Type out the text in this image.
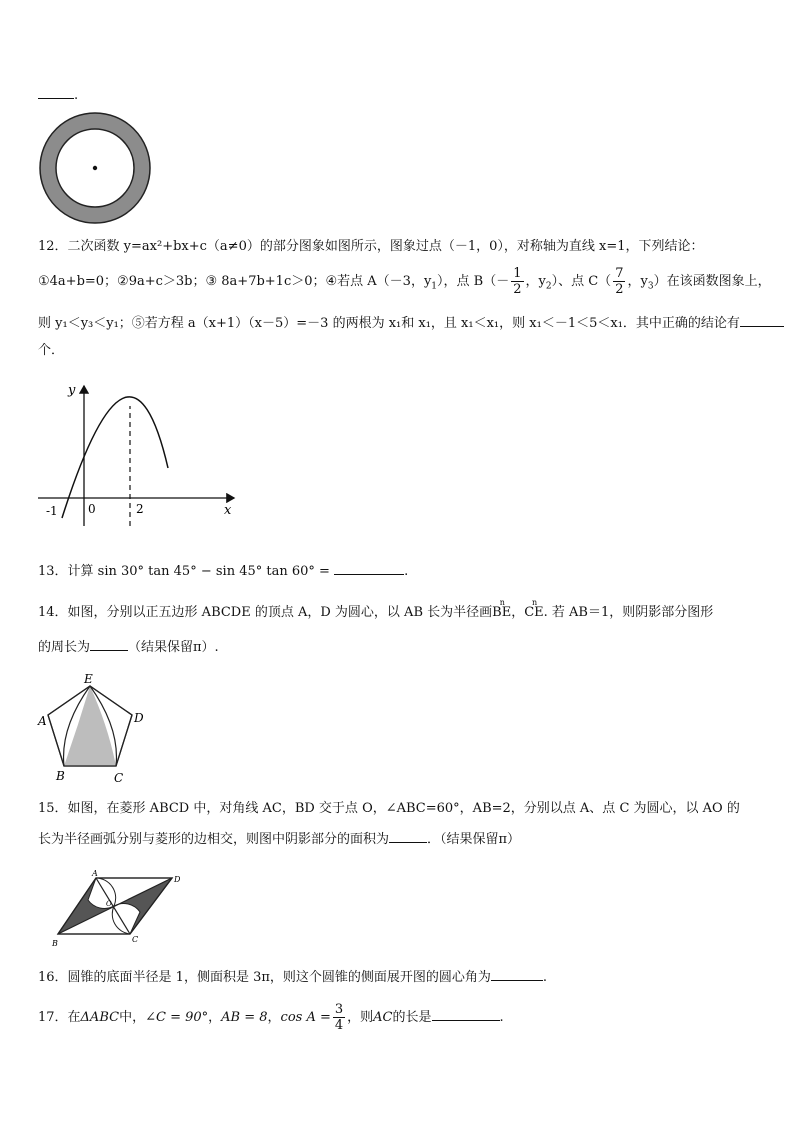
.
12．二次函数 y=ax²+bx+c（a≠0）的部分图象如图所示，图象过点（－1，0），对称轴为直线 x=1，下列结论：
①4a+b=0；②9a+c＞3b；③ 8a+7b+1c＞0；④若点 A（－3，$y_1$），点 $B(- \frac{1}{2}$ ，$y_2$）、点 $C( \frac{7}{2}$ ，$y_3$）在该函数图象上，
则 y₁＜y₃＜y₁；⑤若方程 a（x+1）（x－5）=－3 的两根为 x₁和 x₁，且 x₁＜x₁，则 x₁＜－1＜5＜x₁．其中正确的结论有
个．
y
x
-1	0	2
13．计算 sin 30° tan 45° − sin 45° tan 60° =	.
14．如图，分别以正五边形 ABCDE 的顶点 A，D 为圆心，以 AB 长为半径画
n
BE，
n
CE. 若 AB＝1，则阴影部分图形
的周长为	（结果保留π）.
E
A	D
B	C
15．如图，在菱形 ABCD 中，对角线 AC，BD 交于点 O，∠ABC=60°，AB=2，分别以点 A、点 C 为圆心，以 AO 的
长为半径画弧分别与菱形的边相交，则图中阴影部分的面积为	．（结果保留π）
A
D
B	C
O
16．圆锥的底面半径是 1，侧面积是 3π，则这个圆锥的侧面展开图的圆心角为	.
17．在ΔABC中，∠C = 90°，AB = 8，$\cos A = \frac{3}{4}$ ，则AC的长是	.
